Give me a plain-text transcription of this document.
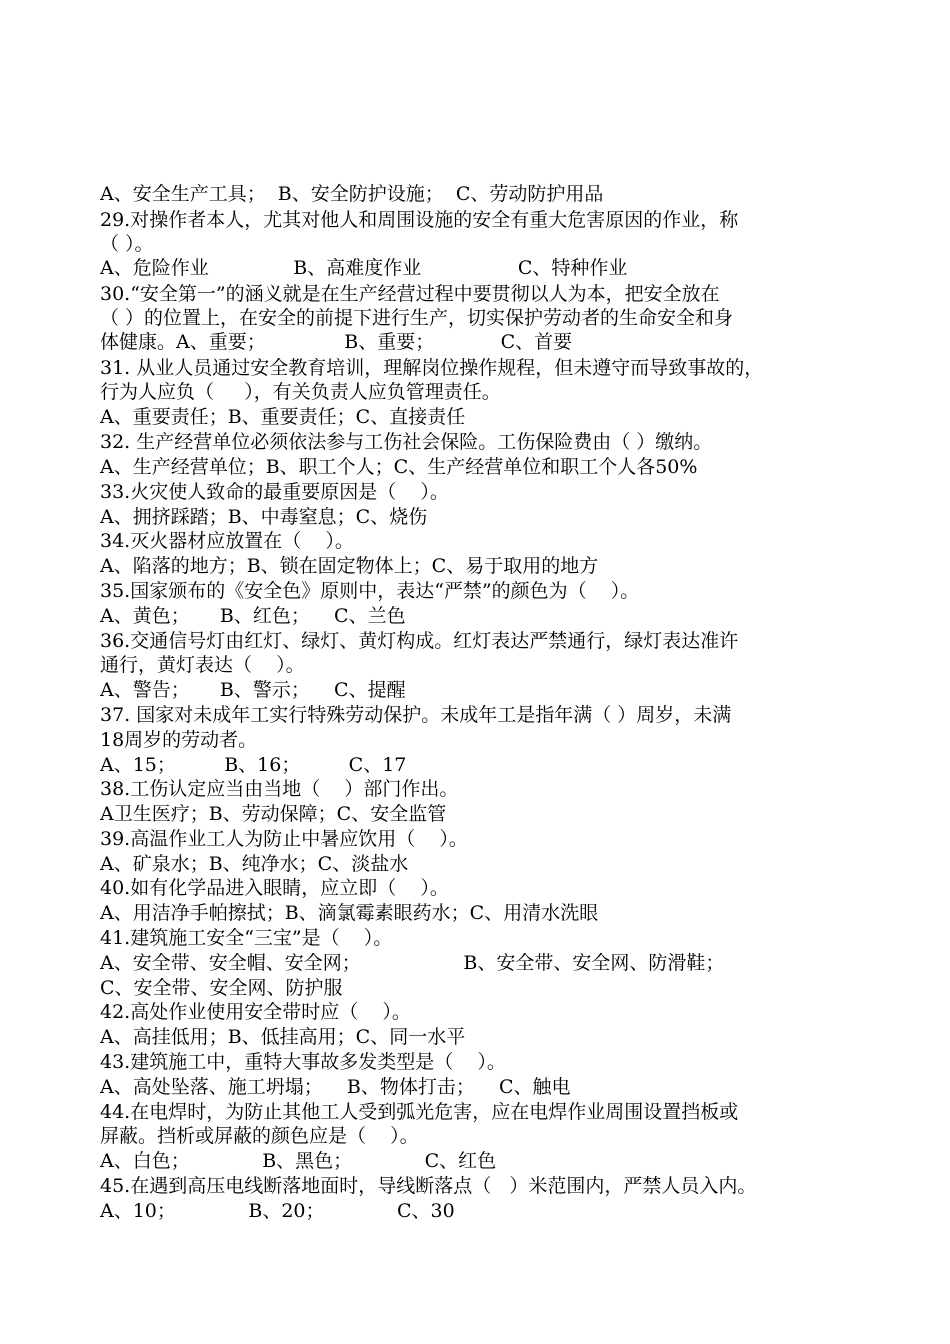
A、安全生产工具；  B、安全防护设施；  C、劳动防护用品
29.对操作者本人，尤其对他人和周围设施的安全有重大危害原因的作业，称
（ ）。
A、危险作业              B、高难度作业                C、特种作业
30.“安全第一”的涵义就是在生产经营过程中要贯彻以人为本，把安全放在
（ ）的位置上，在安全的前提下进行生产，切实保护劳动者的生命安全和身
体健康。A、重要；             B、重要；           C、首要
31. 从业人员通过安全教育培训，理解岗位操作规程，但未遵守而导致事故的，
行为人应负（     ），有关负责人应负管理责任。
A、重要责任；B、重要责任；C、直接责任
32. 生产经营单位必须依法参与工伤社会保险。工伤保险费由（ ）缴纳。
A、生产经营单位；B、职工个人；C、生产经营单位和职工个人各50%
33.火灾使人致命的最重要原因是（    ）。
A、拥挤踩踏；B、中毒窒息；C、烧伤
34.灭火器材应放置在（    ）。
A、陷落的地方；B、锁在固定物体上；C、易于取用的地方
35.国家颁布的《安全色》原则中，表达“严禁”的颜色为（    ）。
A、黄色；     B、红色；    C、兰色
36.交通信号灯由红灯、绿灯、黄灯构成。红灯表达严禁通行，绿灯表达准许
通行，黄灯表达（    ）。
A、警告；     B、警示；    C、提醒
37. 国家对未成年工实行特殊劳动保护。未成年工是指年满（ ）周岁，未满
18周岁的劳动者。
A、15；        B、16；        C、17
38.工伤认定应当由当地（    ）部门作出。
A卫生医疗；B、劳动保障；C、安全监管
39.高温作业工人为防止中暑应饮用（    ）。
A、矿泉水；B、纯净水；C、淡盐水
40.如有化学品进入眼睛，应立即（    ）。
A、用洁净手帕擦拭；B、滴氯霉素眼药水；C、用清水洗眼
41.建筑施工安全“三宝”是（    ）。
A、安全带、安全帽、安全网；                 B、安全带、安全网、防滑鞋；
C、安全带、安全网、防护服
42.高处作业使用安全带时应（    ）。
A、高挂低用；B、低挂高用；C、同一水平
43.建筑施工中，重特大事故多发类型是（    ）。
A、高处坠落、施工坍塌；    B、物体打击；    C、触电
44.在电焊时，为防止其他工人受到弧光危害，应在电焊作业周围设置挡板或
屏蔽。挡析或屏蔽的颜色应是（    ）。
A、白色；            B、黑色；            C、红色
45.在遇到高压电线断落地面时，导线断落点（   ）米范围内，严禁人员入内。
A、10；            B、20；            C、30
